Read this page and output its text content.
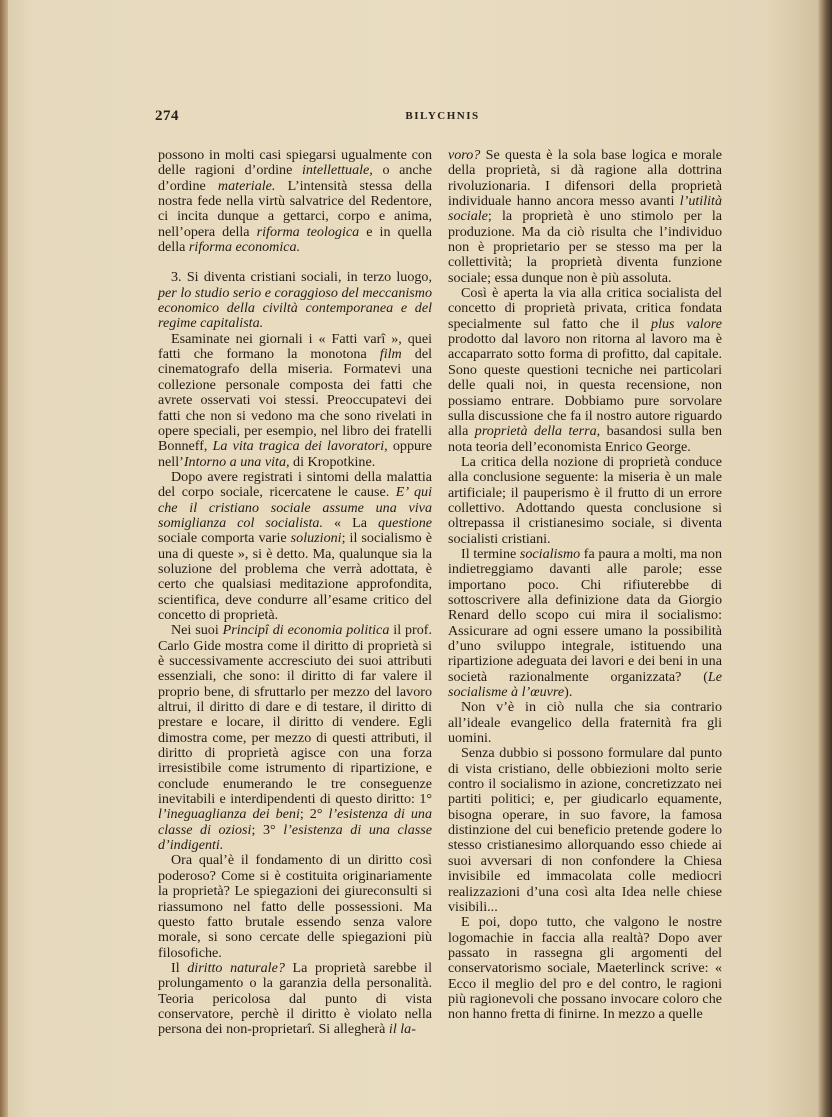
274	BILYCHNIS

possono in molti casi spiegarsi ugualmente con delle ragioni d’ordine intellettuale, o anche d’ordine materiale. L’intensità stessa della nostra fede nella virtù salvatrice del Redentore, ci incita dunque a gettarci, corpo e anima, nell’opera della riforma teologica e in quella della riforma economica.

3. Si diventa cristiani sociali, in terzo luogo, per lo studio serio e coraggioso del meccanismo economico della civiltà contemporanea e del regime capitalista.

Esaminate nei giornali i « Fatti varî », quei fatti che formano la monotona film del cinematografo della miseria. Formatevi una collezione personale composta dei fatti che avrete osservati voi stessi. Preoccupatevi dei fatti che non si vedono ma che sono rivelati in opere speciali, per esempio, nel libro dei fratelli Bonneff, La vita tragica dei lavoratori, oppure nell’Intorno a una vita, di Kropotkine.

Dopo avere registrati i sintomi della malattia del corpo sociale, ricercatene le cause. E’ qui che il cristiano sociale assume una viva somiglianza col socialista. « La questione sociale comporta varie soluzioni; il socialismo è una di queste », si è detto. Ma, qualunque sia la soluzione del problema che verrà adottata, è certo che qualsiasi meditazione approfondita, scientifica, deve condurre all’esame critico del concetto di proprietà.

Nei suoi Principî di economia politica il prof. Carlo Gide mostra come il diritto di proprietà si è successivamente accresciuto dei suoi attributi essenziali, che sono: il diritto di far valere il proprio bene, di sfruttarlo per mezzo del lavoro altrui, il diritto di dare e di testare, il diritto di prestare e locare, il diritto di vendere. Egli dimostra come, per mezzo di questi attributi, il diritto di proprietà agisce con una forza irresistibile come istrumento di ripartizione, e conclude enumerando le tre conseguenze inevitabili e interdipendenti di questo diritto: 1° l’ineguaglianza dei beni; 2° l’esistenza di una classe di oziosi; 3° l’esistenza di una classe d’indigenti.

Ora qual’è il fondamento di un diritto così poderoso? Come si è costituita originariamente la proprietà? Le spiegazioni dei giureconsulti si riassumono nel fatto delle possessioni. Ma questo fatto brutale essendo senza valore morale, si sono cercate delle spiegazioni più filosofiche.

Il diritto naturale? La proprietà sarebbe il prolungamento o la garanzia della personalità. Teoria pericolosa dal punto di vista conservatore, perchè il diritto è violato nella persona dei non-proprietarî. Si allegherà il la-

voro? Se questa è la sola base logica e morale della proprietà, si dà ragione alla dottrina rivoluzionaria. I difensori della proprietà individuale hanno ancora messo avanti l’utilità sociale; la proprietà è uno stimolo per la produzione. Ma da ciò risulta che l’individuo non è proprietario per se stesso ma per la collettività; la proprietà diventa funzione sociale; essa dunque non è più assoluta.

Così è aperta la via alla critica socialista del concetto di proprietà privata, critica fondata specialmente sul fatto che il plus valore prodotto dal lavoro non ritorna al lavoro ma è accaparrato sotto forma di profitto, dal capitale. Sono queste questioni tecniche nei particolari delle quali noi, in questa recensione, non possiamo entrare. Dobbiamo pure sorvolare sulla discussione che fa il nostro autore riguardo alla proprietà della terra, basandosi sulla ben nota teoria dell’economista Enrico George.

La critica della nozione di proprietà conduce alla conclusione seguente: la miseria è un male artificiale; il pauperismo è il frutto di un errore collettivo. Adottando questa conclusione si oltrepassa il cristianesimo sociale, si diventa socialisti cristiani.

Il termine socialismo fa paura a molti, ma non indietreggiamo davanti alle parole; esse importano poco. Chi rifiuterebbe di sottoscrivere alla definizione data da Giorgio Renard dello scopo cui mira il socialismo: Assicurare ad ogni essere umano la possibilità d’uno sviluppo integrale, istituendo una ripartizione adeguata dei lavori e dei beni in una società razionalmente organizzata? (Le socialisme à l’œuvre).

Non v’è in ciò nulla che sia contrario all’ideale evangelico della fraternità fra gli uomini.

Senza dubbio si possono formulare dal punto di vista cristiano, delle obbiezioni molto serie contro il socialismo in azione, concretizzato nei partiti politici; e, per giudicarlo equamente, bisogna operare, in suo favore, la famosa distinzione del cui beneficio pretende godere lo stesso cristianesimo allorquando esso chiede ai suoi avversari di non confondere la Chiesa invisibile ed immacolata colle mediocri realizzazioni d’una così alta Idea nelle chiese visibili...

E poi, dopo tutto, che valgono le nostre logomachie in faccia alla realtà? Dopo aver passato in rassegna gli argomenti del conservatorismo sociale, Maeterlinck scrive: « Ecco il meglio del pro e del contro, le ragioni più ragionevoli che possano invocare coloro che non hanno fretta di finirne. In mezzo a quelle
